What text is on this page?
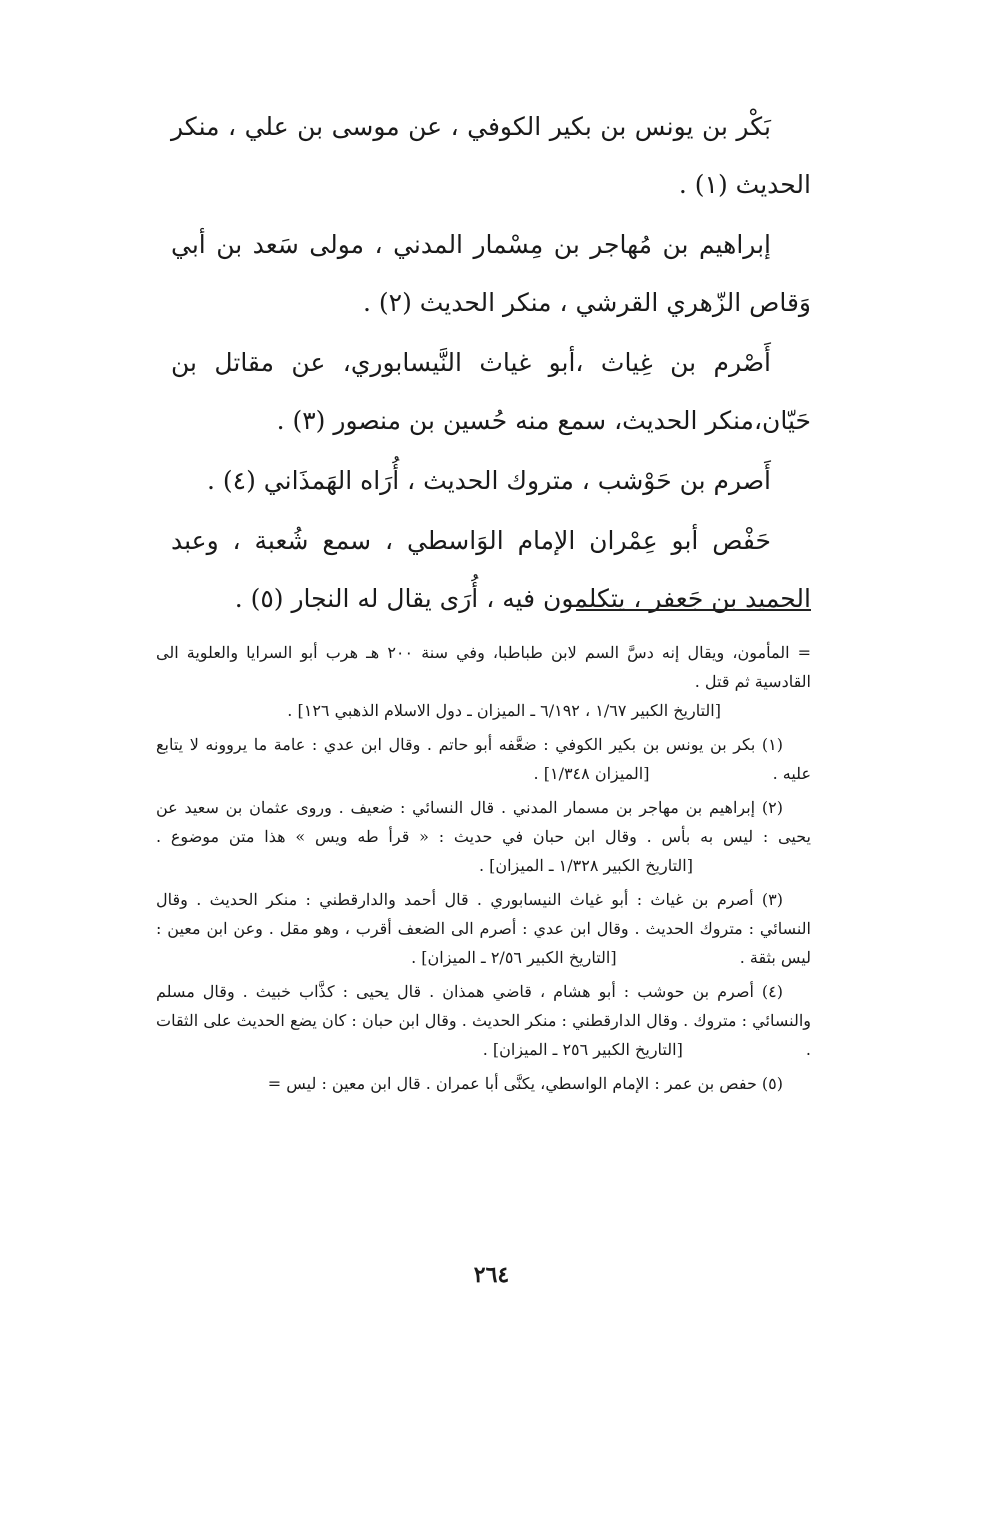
بَكْر بن يونس بن بكير الكوفي ، عن موسى بن علي ، منكر الحديث (١) .

إبراهيم بن مُهاجر بن مِسْمار المدني ، مولى سَعد بن أبي وَقاص الزّهري القرشي ، منكر الحديث (٢) .

أَصْرم بن غِياث ،أبو غياث النَّيسابوري، عن مقاتل بن حَيّان،منكر الحديث، سمع منه حُسين بن منصور (٣) .

أَصرم بن حَوْشب ، متروك الحديث ، أُرَاه الهَمذَاني (٤) .

حَفْص أبو عِمْران الإمام الوَاسطي ، سمع شُعبة ، وعبد الحميد بن جَعفر ، يتكلمون فيه ، أُرَى يقال له النجار (٥) .

= المأمون، ويقال إنه دسَّ السم لابن طباطبا، وفي سنة ٢٠٠ هـ هرب أبو السرايا والعلوية الى القادسية ثم قتل .
[التاريخ الكبير ١/٦٧ ، ٦/١٩٢ ـ الميزان ـ دول الاسلام الذهبي ١٢٦] .

(١) بكر بن يونس بن بكير الكوفي : ضعَّفه أبو حاتم . وقال ابن عدي : عامة ما يروونه لا يتابع عليه . [الميزان ١/٣٤٨] .

(٢) إبراهيم بن مهاجر بن مسمار المدني . قال النسائي : ضعيف . وروى عثمان بن سعيد عن يحيى : ليس به بأس . وقال ابن حبان في حديث : « قرأ طه ويس » هذا متن موضوع . [التاريخ الكبير ١/٣٢٨ ـ الميزان] .

(٣) أصرم بن غياث : أبو غياث النيسابوري . قال أحمد والدارقطني : منكر الحديث . وقال النسائي : متروك الحديث . وقال ابن عدي : أصرم الى الضعف أقرب ، وهو مقل . وعن ابن معين : ليس بثقة . [التاريخ الكبير ٢/٥٦ ـ الميزان] .

(٤) أصرم بن حوشب : أبو هشام ، قاضي همذان . قال يحيى : كذَّاب خبيث . وقال مسلم والنسائي : متروك . وقال الدارقطني : منكر الحديث . وقال ابن حبان : كان يضع الحديث على الثقات . [التاريخ الكبير ٢٥٦ ـ الميزان] .

(٥) حفص بن عمر : الإمام الواسطي، يكنَّى أبا عمران . قال ابن معين : ليس =

٢٦٤
